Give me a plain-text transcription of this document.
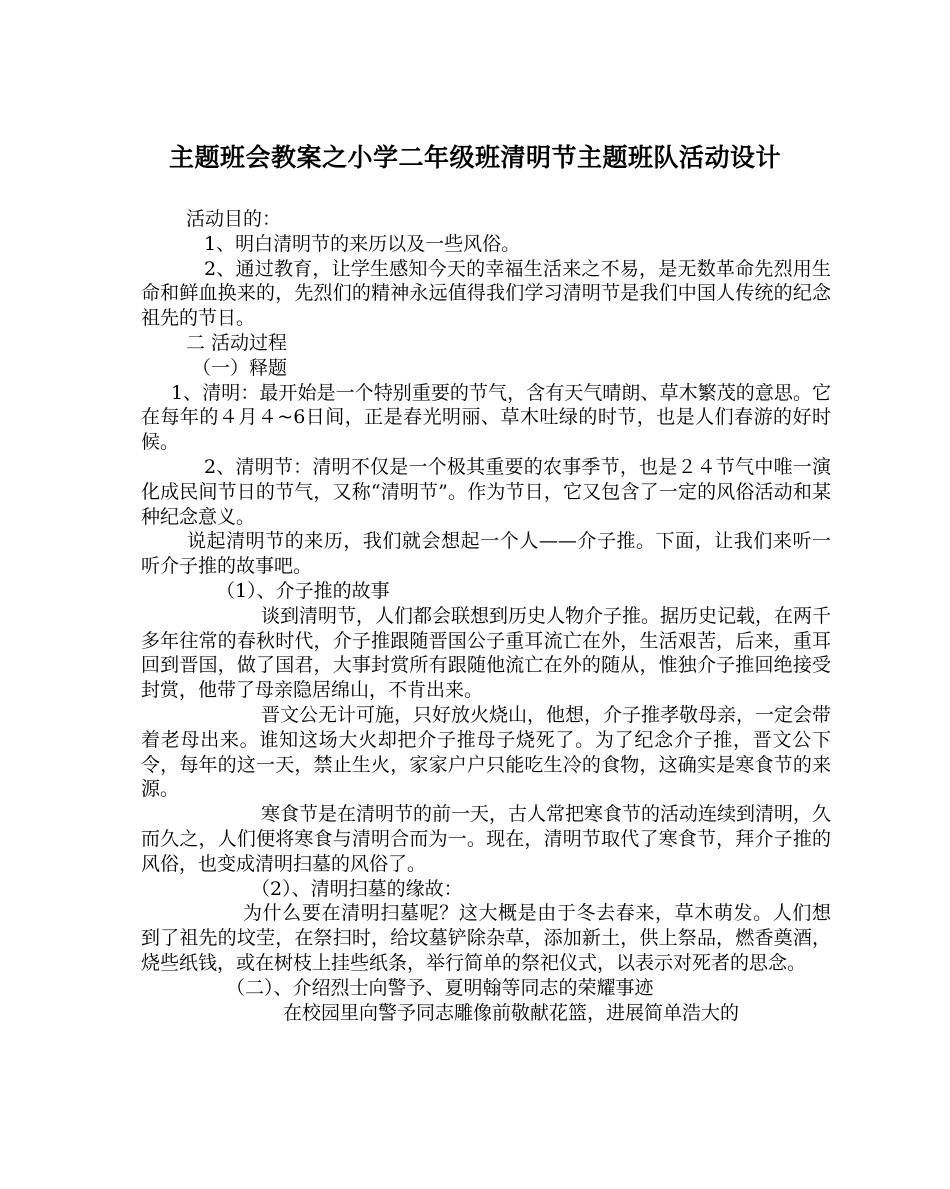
主题班会教案之小学二年级班清明节主题班队活动设计

活动目的：

1、明白清明节的来历以及一些风俗。

2、通过教育，让学生感知今天的幸福生活来之不易，是无数革命先烈用生命和鲜血换来的，先烈们的精神永远值得我们学习清明节是我们中国人传统的纪念祖先的节日。

二 活动过程

（一）释题

1、清明：最开始是一个特别重要的节气，含有天气晴朗、草木繁茂的意思。它在每年的４月４~6日间，正是春光明丽、草木吐绿的时节，也是人们春游的好时候。

2、清明节：清明不仅是一个极其重要的农事季节，也是２４节气中唯一演化成民间节日的节气，又称“清明节”。作为节日，它又包含了一定的风俗活动和某种纪念意义。

说起清明节的来历，我们就会想起一个人——介子推。下面，让我们来听一听介子推的故事吧。

（1）、介子推的故事

谈到清明节，人们都会联想到历史人物介子推。据历史记载，在两千多年往常的春秋时代，介子推跟随晋国公子重耳流亡在外，生活艰苦，后来，重耳回到晋国，做了国君，大事封赏所有跟随他流亡在外的随从，惟独介子推回绝接受封赏，他带了母亲隐居绵山，不肯出来。

晋文公无计可施，只好放火烧山，他想，介子推孝敬母亲，一定会带着老母出来。谁知这场大火却把介子推母子烧死了。为了纪念介子推，晋文公下令，每年的这一天，禁止生火，家家户户只能吃生冷的食物，这确实是寒食节的来源。

寒食节是在清明节的前一天，古人常把寒食节的活动连续到清明，久而久之，人们便将寒食与清明合而为一。现在，清明节取代了寒食节，拜介子推的风俗，也变成清明扫墓的风俗了。

（2）、清明扫墓的缘故：

为什么要在清明扫墓呢？这大概是由于冬去春来，草木萌发。人们想到了祖先的坟茔，在祭扫时，给坟墓铲除杂草，添加新土，供上祭品，燃香奠酒，烧些纸钱，或在树枝上挂些纸条，举行简单的祭祀仪式，以表示对死者的思念。

（二）、介绍烈士向警予、夏明翰等同志的荣耀事迹

在校园里向警予同志雕像前敬献花篮，进展简单浩大的
